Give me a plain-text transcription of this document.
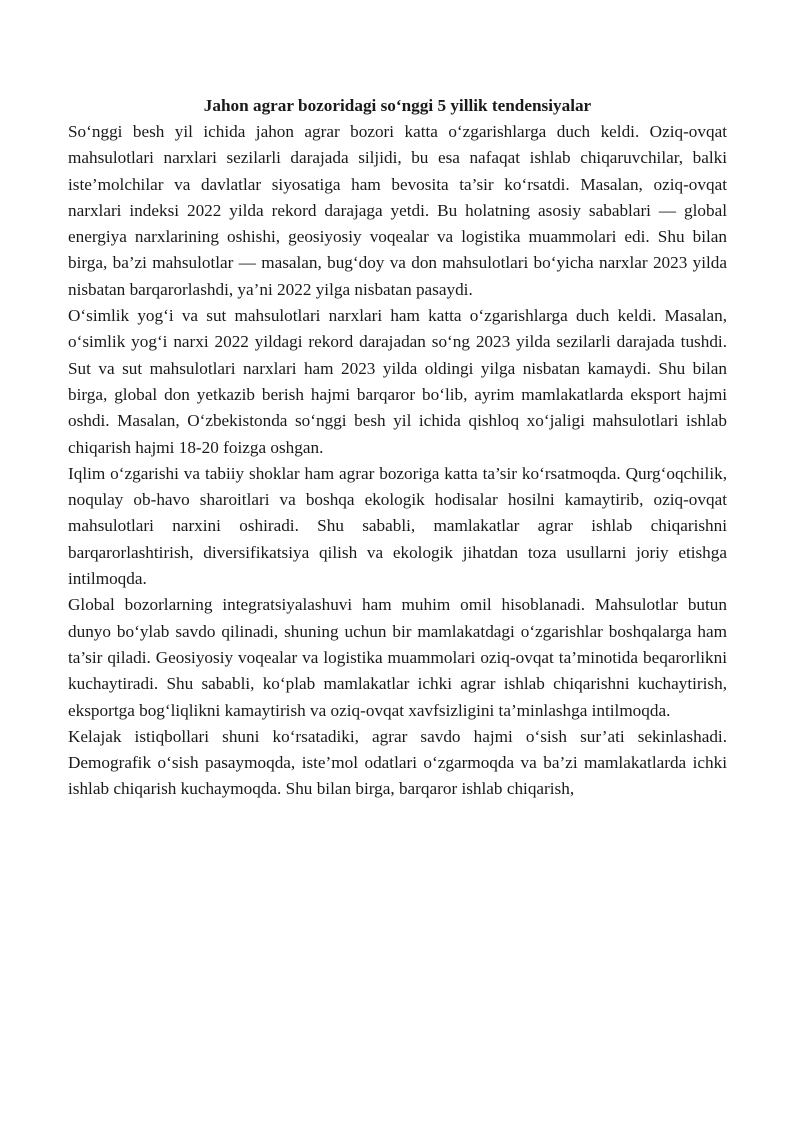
Jahon agrar bozoridagi so‘nggi 5 yillik tendensiyalar

So‘nggi besh yil ichida jahon agrar bozori katta o‘zgarishlarga duch keldi. Oziq-ovqat mahsulotlari narxlari sezilarli darajada siljidi, bu esa nafaqat ishlab chiqaruvchilar, balki iste’molchilar va davlatlar siyosatiga ham bevosita ta’sir ko‘rsatdi. Masalan, oziq-ovqat narxlari indeksi 2022 yilda rekord darajaga yetdi. Bu holatning asosiy sabablari — global energiya narxlarining oshishi, geosiyosiy voqealar va logistika muammolari edi. Shu bilan birga, ba’zi mahsulotlar — masalan, bug‘doy va don mahsulotlari bo‘yicha narxlar 2023 yilda nisbatan barqarorlashdi, ya’ni 2022 yilga nisbatan pasaydi.

O‘simlik yog‘i va sut mahsulotlari narxlari ham katta o‘zgarishlarga duch keldi. Masalan, o‘simlik yog‘i narxi 2022 yildagi rekord darajadan so‘ng 2023 yilda sezilarli darajada tushdi. Sut va sut mahsulotlari narxlari ham 2023 yilda oldingi yilga nisbatan kamaydi. Shu bilan birga, global don yetkazib berish hajmi barqaror bo‘lib, ayrim mamlakatlarda eksport hajmi oshdi. Masalan, O‘zbekistonda so‘nggi besh yil ichida qishloq xo‘jaligi mahsulotlari ishlab chiqarish hajmi 18-20 foizga oshgan.

Iqlim o‘zgarishi va tabiiy shoklar ham agrar bozoriga katta ta’sir ko‘rsatmoqda. Qurg‘oqchilik, noqulay ob-havo sharoitlari va boshqa ekologik hodisalar hosilni kamaytirib, oziq-ovqat mahsulotlari narxini oshiradi. Shu sababli, mamlakatlar agrar ishlab chiqarishni barqarorlashtirish, diversifikatsiya qilish va ekologik jihatdan toza usullarni joriy etishga intilmoqda.

Global bozorlarning integratsiyalashuvi ham muhim omil hisoblanadi. Mahsulotlar butun dunyo bo‘ylab savdo qilinadi, shuning uchun bir mamlakatdagi o‘zgarishlar boshqalarga ham ta’sir qiladi. Geosiyosiy voqealar va logistika muammolari oziq-ovqat ta’minotida beqarorlikni kuchaytiradi. Shu sababli, ko‘plab mamlakatlar ichki agrar ishlab chiqarishni kuchaytirish, eksportga bog‘liqlikni kamaytirish va oziq-ovqat xavfsizligini ta’minlashga intilmoqda.

Kelajak istiqbollari shuni ko‘rsatadiki, agrar savdo hajmi o‘sish sur’ati sekinlashadi. Demografik o‘sish pasaymoqda, iste’mol odatlari o‘zgarmoqda va ba’zi mamlakatlarda ichki ishlab chiqarish kuchaymoqda. Shu bilan birga, barqaror ishlab chiqarish,
